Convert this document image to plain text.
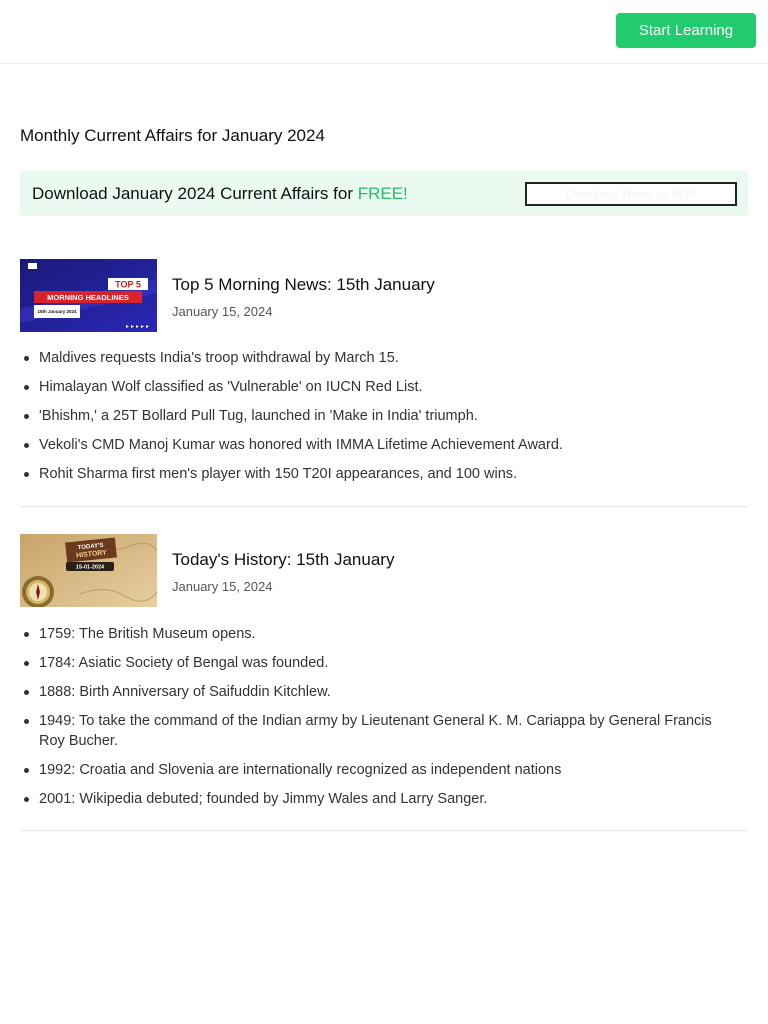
Start Learning
Monthly Current Affairs for January 2024
Download January 2024 Current Affairs for FREE!	Download News as PDF
TOP 5
MORNING HEADLINES
15th January 2024
Top 5 Morning News: 15th January
January 15, 2024
Maldives requests India's troop withdrawal by March 15.
Himalayan Wolf classified as 'Vulnerable' on IUCN Red List.
'Bhishm,' a 25T Bollard Pull Tug, launched in 'Make in India' triumph.
Vekoli's CMD Manoj Kumar was honored with IMMA Lifetime Achievement Award.
Rohit Sharma first men's player with 150 T20I appearances, and 100 wins.
TODAY'S
HISTORY
15-01-2024	Today's History: 15th January
January 15, 2024
1759: The British Museum opens.
1784: Asiatic Society of Bengal was founded.
1888: Birth Anniversary of Saifuddin Kitchlew.
1949: To take the command of the Indian army by Lieutenant General K. M. Cariappa by General Francis Roy Bucher.
1992: Croatia and Slovenia are internationally recognized as independent nations
2001: Wikipedia debuted; founded by Jimmy Wales and Larry Sanger.
